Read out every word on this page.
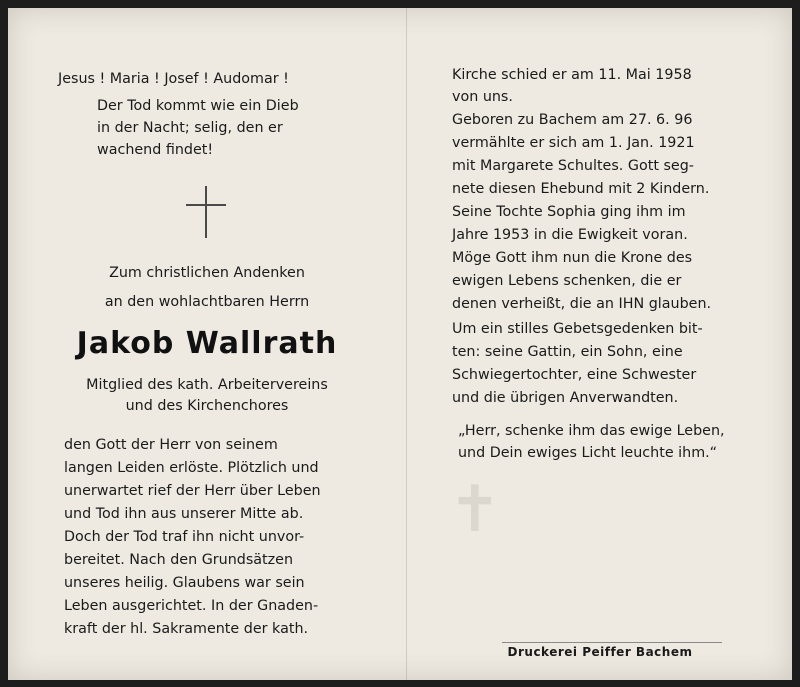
✝
Jesus ! Maria ! Josef ! Audomar !
Der Tod kommt wie ein Dieb
in der Nacht; selig, den er
wachend findet!
Zum christlichen Andenken
an den wohlachtbaren Herrn
Jakob Wallrath
Mitglied des kath. Arbeitervereins
und des Kirchenchores
den Gott der Herr von seinem
langen Leiden erlöste. Plötzlich und
unerwartet rief der Herr über Leben
und Tod ihn aus unserer Mitte ab.
Doch der Tod traf ihn nicht unvor-
bereitet. Nach den Grundsätzen
unseres heilig. Glaubens war sein
Leben ausgerichtet. In der Gnaden-
kraft der hl. Sakramente der kath.
Kirche schied er am 11. Mai 1958
von uns.
Geboren zu Bachem am 27. 6. 96
vermählte er sich am 1. Jan. 1921
mit Margarete Schultes. Gott seg-
nete diesen Ehebund mit 2 Kindern.
Seine Tochte Sophia ging ihm im
Jahre 1953 in die Ewigkeit voran.
Möge Gott ihm nun die Krone des
ewigen Lebens schenken, die er
denen verheißt, die an IHN glauben.
Um ein stilles Gebetsgedenken bit-
ten: seine Gattin, ein Sohn, eine
Schwiegertochter, eine Schwester
und die übrigen Anverwandten.
„Herr, schenke ihm das ewige Leben,
und Dein ewiges Licht leuchte ihm.“
Druckerei Peiffer Bachem
